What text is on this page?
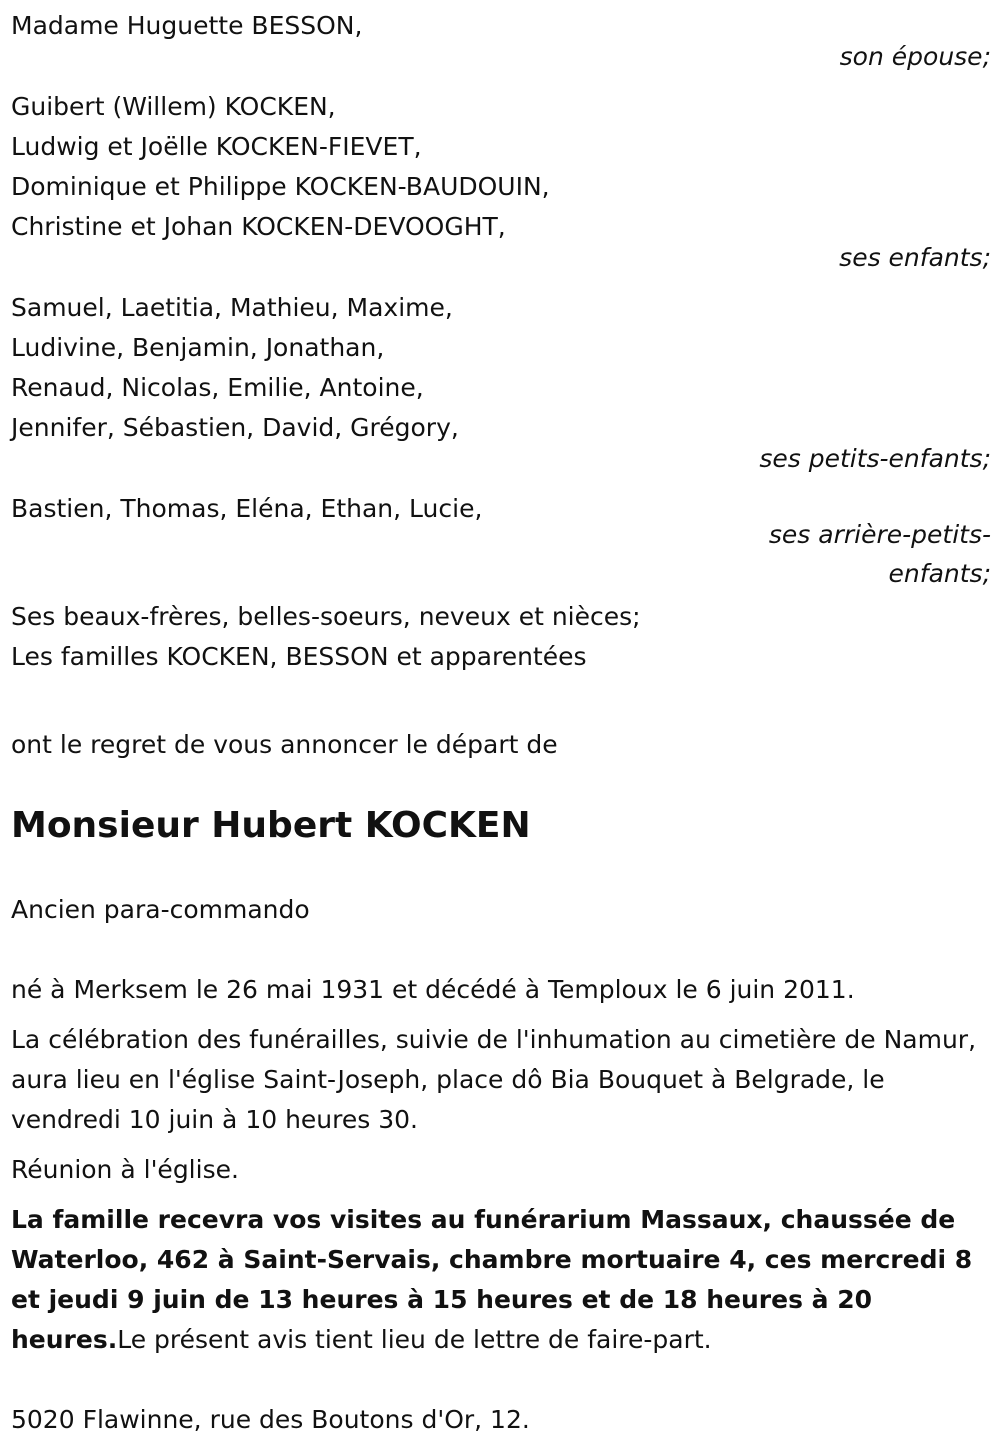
Madame Huguette BESSON,
son épouse;
Guibert (Willem) KOCKEN,
Ludwig et Joëlle KOCKEN-FIEVET,
Dominique et Philippe KOCKEN-BAUDOUIN,
Christine et Johan KOCKEN-DEVOOGHT,
ses enfants;
Samuel, Laetitia, Mathieu, Maxime,
Ludivine, Benjamin, Jonathan,
Renaud, Nicolas, Emilie, Antoine,
Jennifer, Sébastien, David, Grégory,
ses petits-enfants;
Bastien, Thomas, Eléna, Ethan, Lucie,
ses arrière-petits-
enfants;
Ses beaux-frères, belles-soeurs, neveux et nièces;
Les familles KOCKEN, BESSON et apparentées
ont le regret de vous annoncer le départ de
Monsieur Hubert KOCKEN
Ancien para-commando
né à Merksem le 26 mai 1931 et décédé à Temploux le 6 juin 2011.
La célébration des funérailles, suivie de l'inhumation au cimetière de Namur, aura lieu en l'église Saint-Joseph, place dô Bia Bouquet à Belgrade, le vendredi 10 juin à 10 heures 30.
Réunion à l'église.
La famille recevra vos visites au funérarium Massaux, chaussée de Waterloo, 462 à Saint-Servais, chambre mortuaire 4, ces mercredi 8 et jeudi 9 juin de 13 heures à 15 heures et de 18 heures à 20 heures.Le présent avis tient lieu de lettre de faire-part.
5020 Flawinne, rue des Boutons d'Or, 12.
